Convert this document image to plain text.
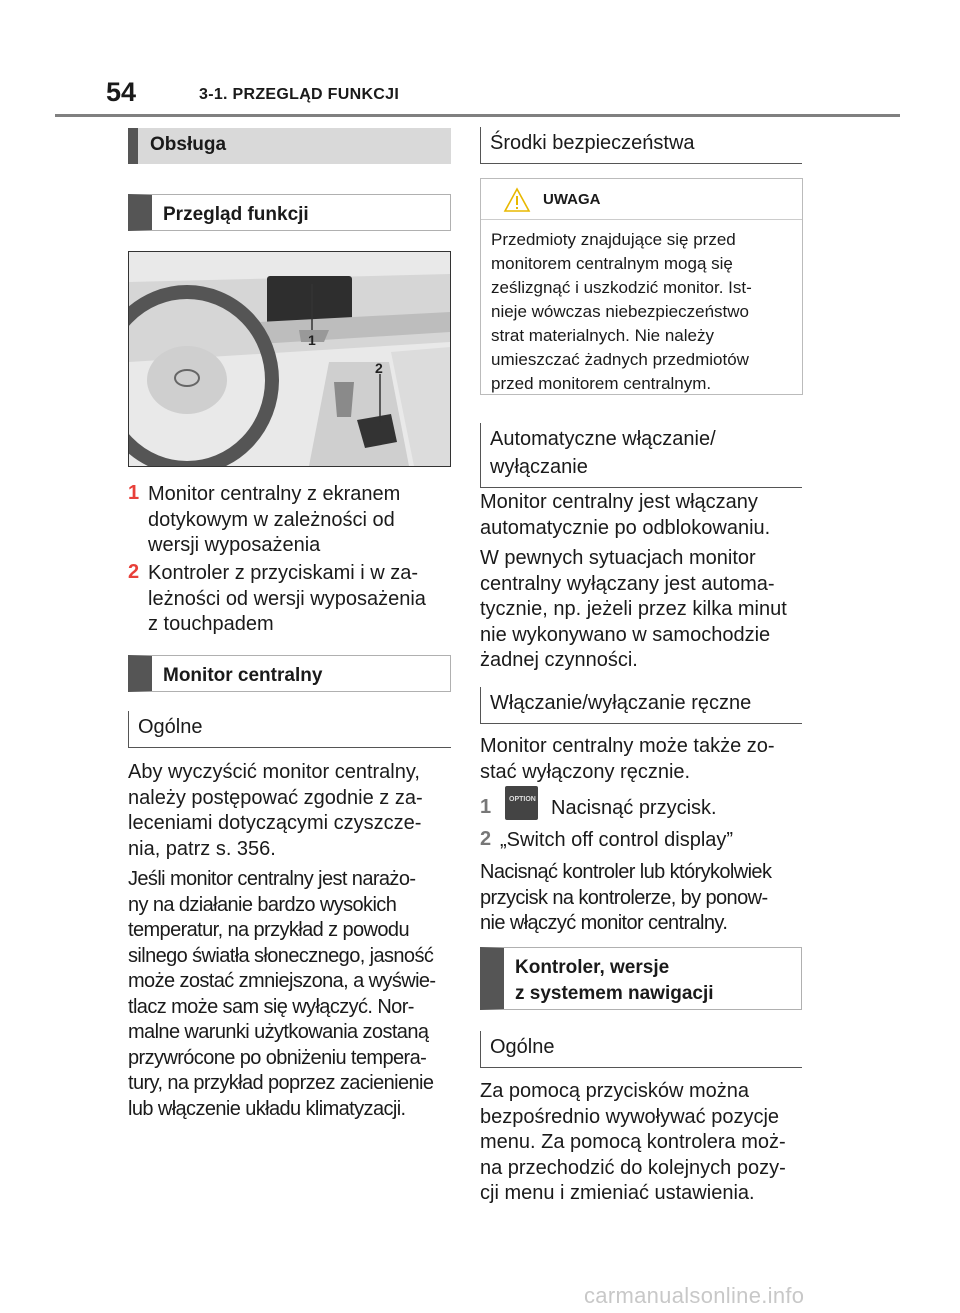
54	3-1. PRZEGLĄD FUNKCJI
Obsługa
Przegląd funkcji
1
2
1 Monitor centralny z ekranem
dotykowym w zależności od
wersji wyposażenia
2 Kontroler z przyciskami i w za-
leżności od wersji wyposażenia
z touchpadem
Monitor centralny
Ogólne
Aby wyczyścić monitor centralny,
należy postępować zgodnie z za-
leceniami dotyczącymi czyszcze-
nia, patrz s. 356.
Jeśli monitor centralny jest narażo-
ny na działanie bardzo wysokich
temperatur, na przykład z powodu
silnego światła słonecznego, jasność
może zostać zmniejszona, a wyświe-
tlacz może sam się wyłączyć. Nor-
malne warunki użytkowania zostaną
przywrócone po obniżeniu tempera-
tury, na przykład poprzez zacienienie
lub włączenie układu klimatyzacji.
Środki bezpieczeństwa
UWAGA
Przedmioty znajdujące się przed
monitorem centralnym mogą się
ześlizgnąć i uszkodzić monitor. Ist-
nieje wówczas niebezpieczeństwo
strat materialnych. Nie należy
umieszczać żadnych przedmiotów
przed monitorem centralnym.
Automatyczne włączanie/
wyłączanie
Monitor centralny jest włączany
automatycznie po odblokowaniu.
W pewnych sytuacjach monitor
centralny wyłączany jest automa-
tycznie, np. jeżeli przez kilka minut
nie wykonywano w samochodzie
żadnej czynności.
Włączanie/wyłączanie ręczne
Monitor centralny może także zo-
stać wyłączony ręcznie.
1	OPTION Nacisnąć przycisk.
2 „Switch off control display”
Nacisnąć kontroler lub którykolwiek
przycisk na kontrolerze, by ponow-
nie włączyć monitor centralny.
Kontroler, wersje
z systemem nawigacji
Ogólne
Za pomocą przycisków można
bezpośrednio wywoływać pozycje
menu. Za pomocą kontrolera moż-
na przechodzić do kolejnych pozy-
cji menu i zmieniać ustawienia.
carmanualsonline.info
